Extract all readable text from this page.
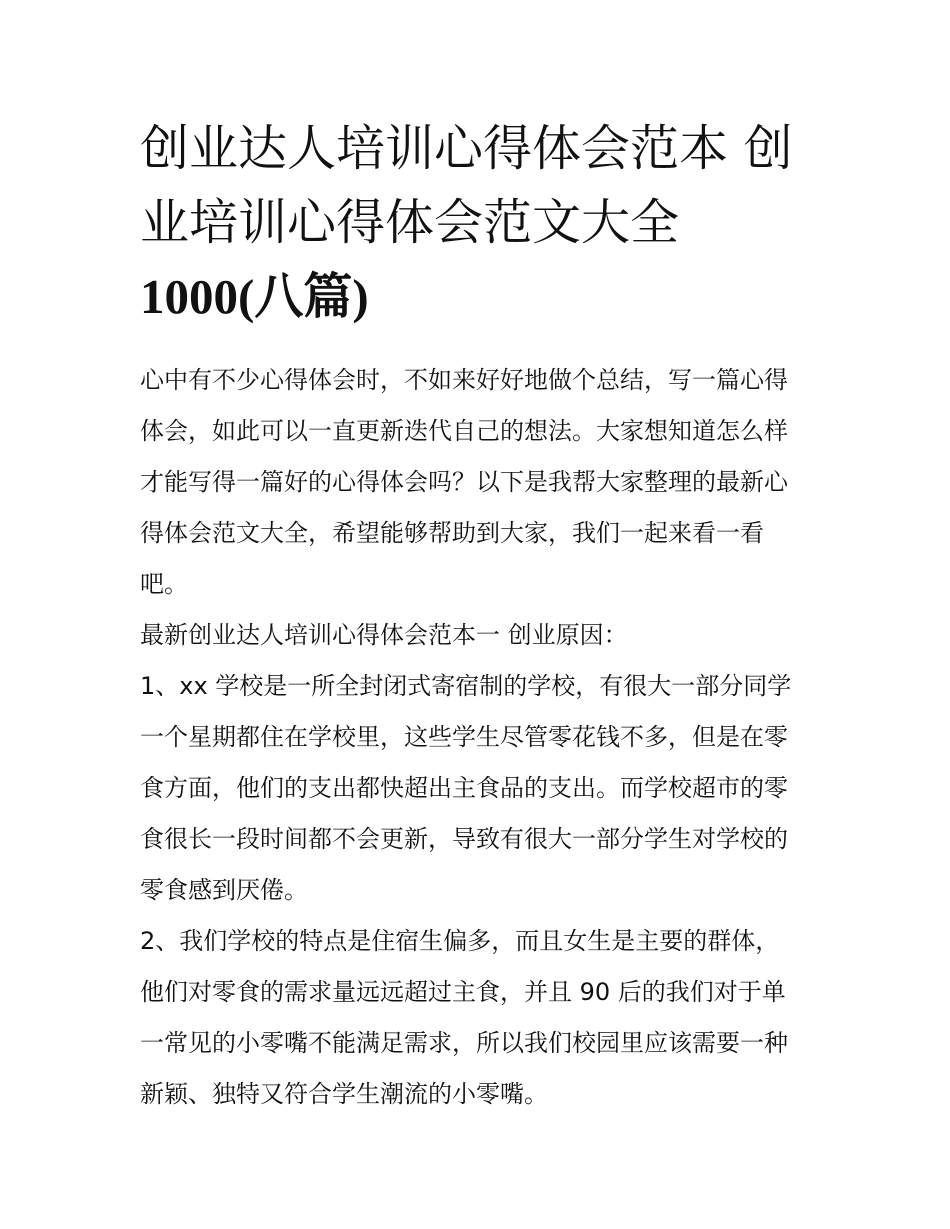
创业达人培训心得体会范本 创
业培训心得体会范文大全
1000(八篇)
心中有不少心得体会时，不如来好好地做个总结，写一篇心得
体会，如此可以一直更新迭代自己的想法。大家想知道怎么样
才能写得一篇好的心得体会吗？以下是我帮大家整理的最新心
得体会范文大全，希望能够帮助到大家，我们一起来看一看
吧。
最新创业达人培训心得体会范本一 创业原因：
1、xx 学校是一所全封闭式寄宿制的学校，有很大一部分同学
一个星期都住在学校里，这些学生尽管零花钱不多，但是在零
食方面，他们的支出都快超出主食品的支出。而学校超市的零
食很长一段时间都不会更新，导致有很大一部分学生对学校的
零食感到厌倦。
2、我们学校的特点是住宿生偏多，而且女生是主要的群体，
他们对零食的需求量远远超过主食，并且 90 后的我们对于单
一常见的小零嘴不能满足需求，所以我们校园里应该需要一种
新颖、独特又符合学生潮流的小零嘴。
